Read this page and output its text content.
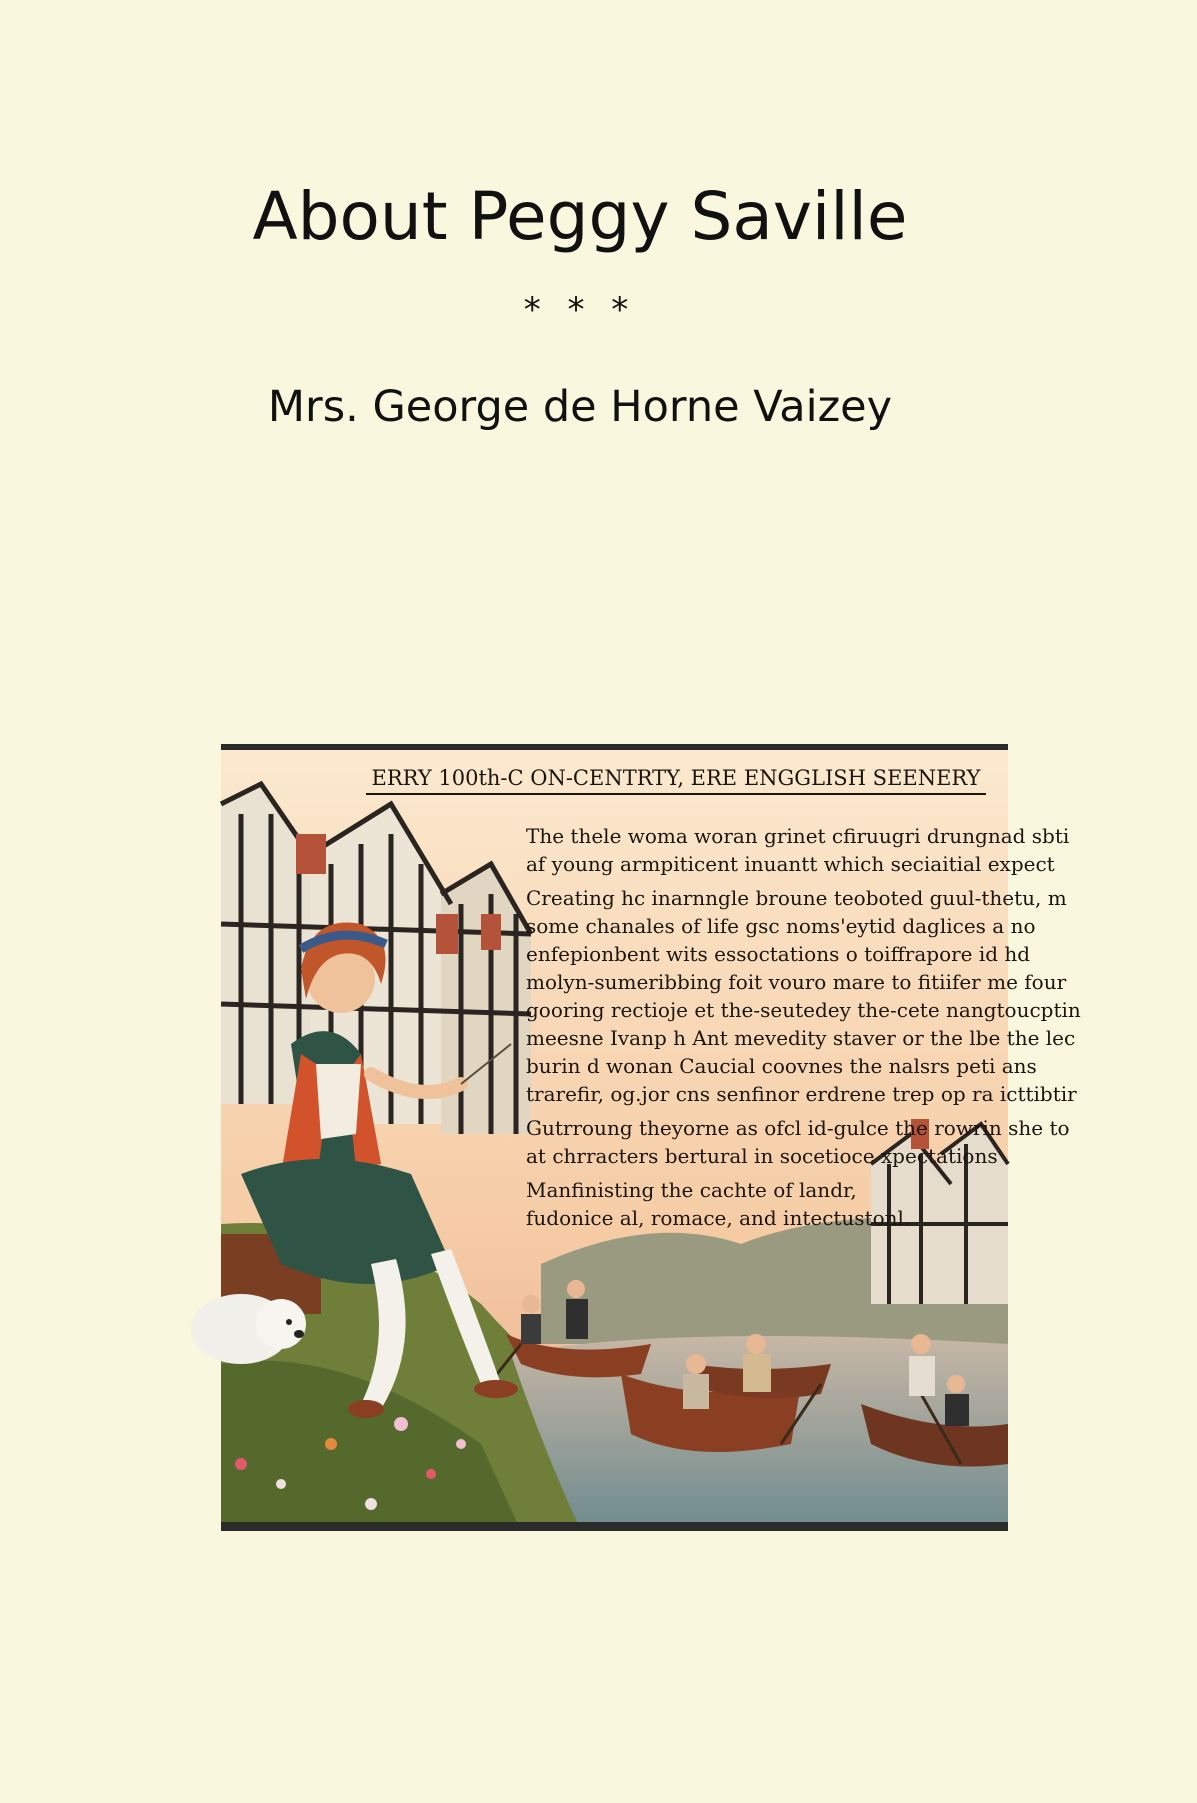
About Peggy Saville
* * *
Mrs. George de Horne Vaizey
ERRY 100th-C ON-CENTRTY, ERE ENGGLISH SEENERY

The thele woma woran grinet cfiruugri drungnad sbti
af young armpiticent inuantt which seciaitial expect

Creating hc inarnngle broune teoboted guul-thetu, m
some chanales of life gsc noms'eytid daglices a no
enfepionbent wits essoctations o toiffrapore id hd
molyn-sumeribbing foit vouro mare to fitiifer me four
gooring rectioje et the-seutedey the-cete nangtoucptin
meesne Ivanp h Ant mevedity staver or the lbe the lec
burin d wonan Caucial coovnes the nalsrs peti ans
trarefir, og.jor cns senfinor erdrene trep op ra icttibtir

Gutrroung theyorne as ofcl id-gulce the rowrin she to
at chrracters bertural in socetioce xpectations

Manfinisting the cachte of landr,
fudonice al, romace, and intectustonl.
